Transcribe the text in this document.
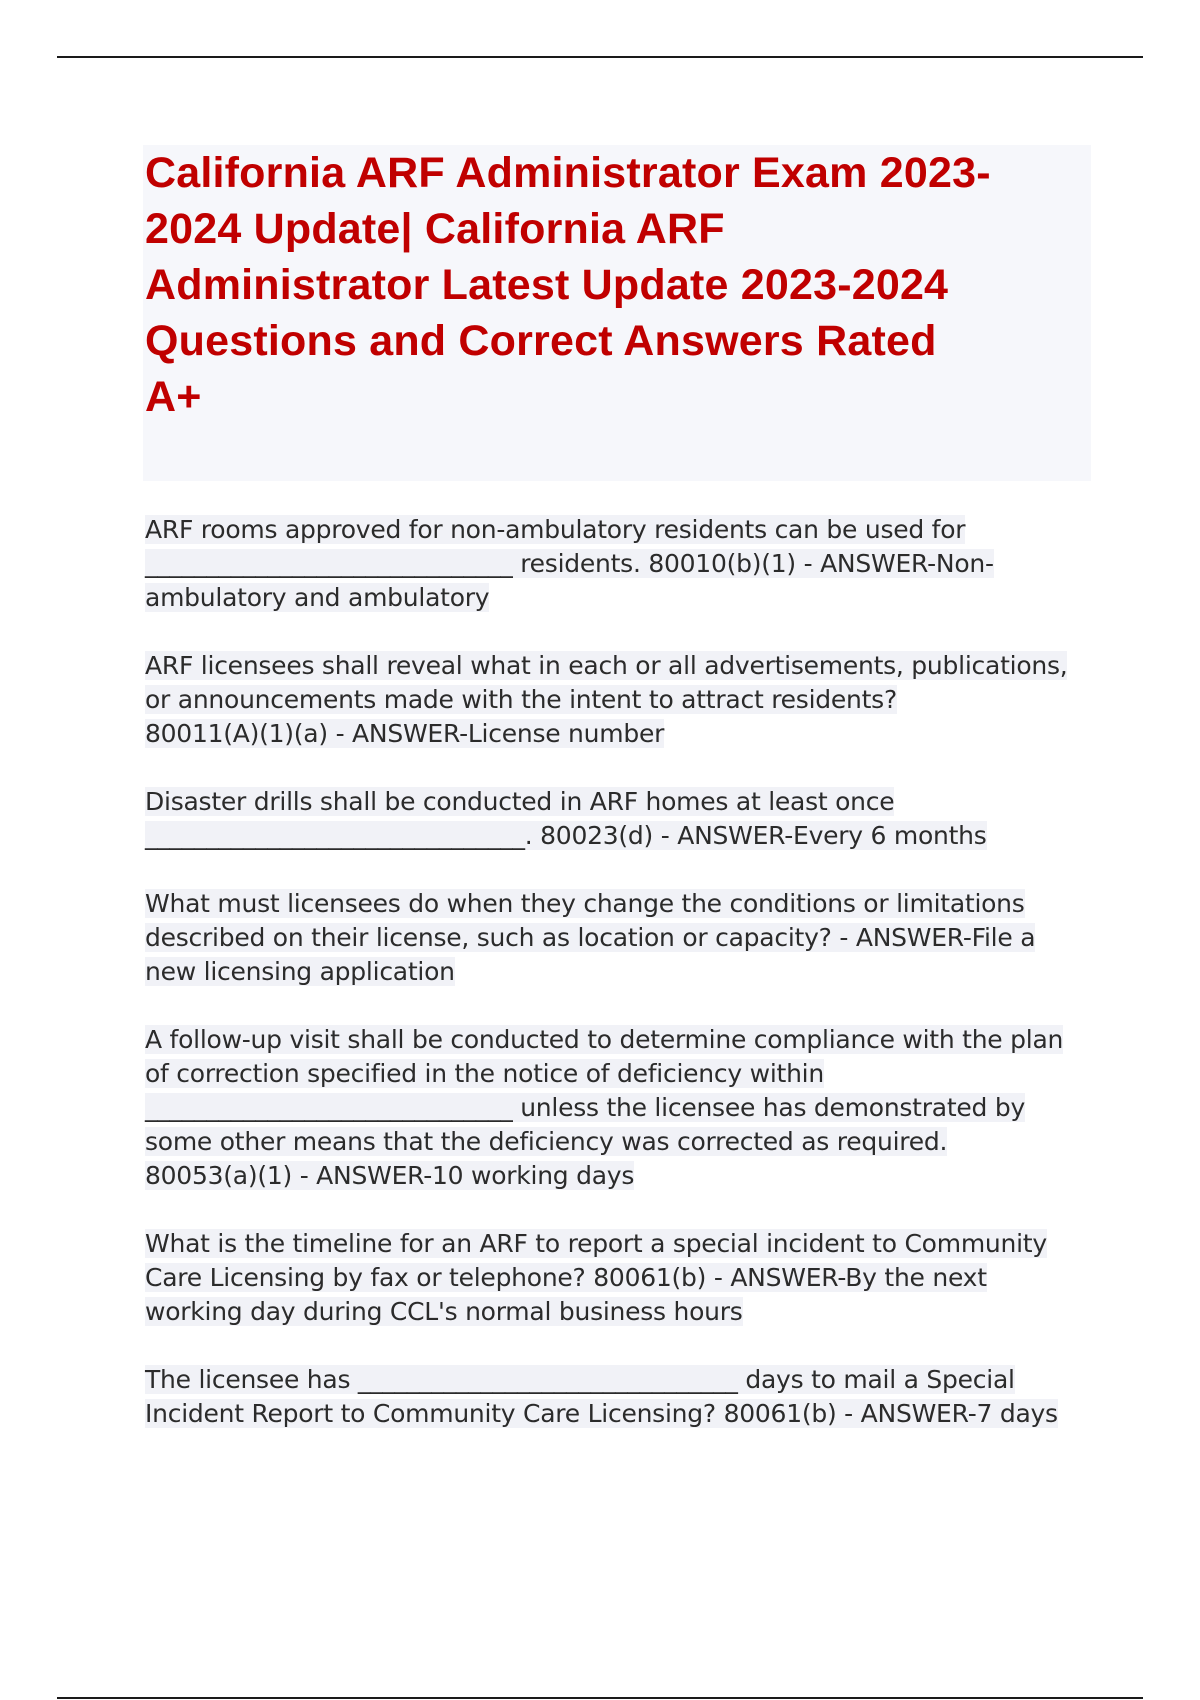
California ARF Administrator Exam 2023-
2024 Update| California ARF
Administrator Latest Update 2023-2024
Questions and Correct Answers Rated
A+
ARF rooms approved for non-ambulatory residents can be used for
______________________________ residents. 80010(b)(1) - ANSWER-Non-
ambulatory and ambulatory
ARF licensees shall reveal what in each or all advertisements, publications,
or announcements made with the intent to attract residents?
80011(A)(1)(a) - ANSWER-License number
Disaster drills shall be conducted in ARF homes at least once
_______________________________. 80023(d) - ANSWER-Every 6 months
What must licensees do when they change the conditions or limitations
described on their license, such as location or capacity? - ANSWER-File a
new licensing application
A follow-up visit shall be conducted to determine compliance with the plan
of correction specified in the notice of deficiency within
______________________________ unless the licensee has demonstrated by
some other means that the deficiency was corrected as required.
80053(a)(1) - ANSWER-10 working days
What is the timeline for an ARF to report a special incident to Community
Care Licensing by fax or telephone? 80061(b) - ANSWER-By the next
working day during CCL's normal business hours
The licensee has _______________________________ days to mail a Special
Incident Report to Community Care Licensing? 80061(b) - ANSWER-7 days
